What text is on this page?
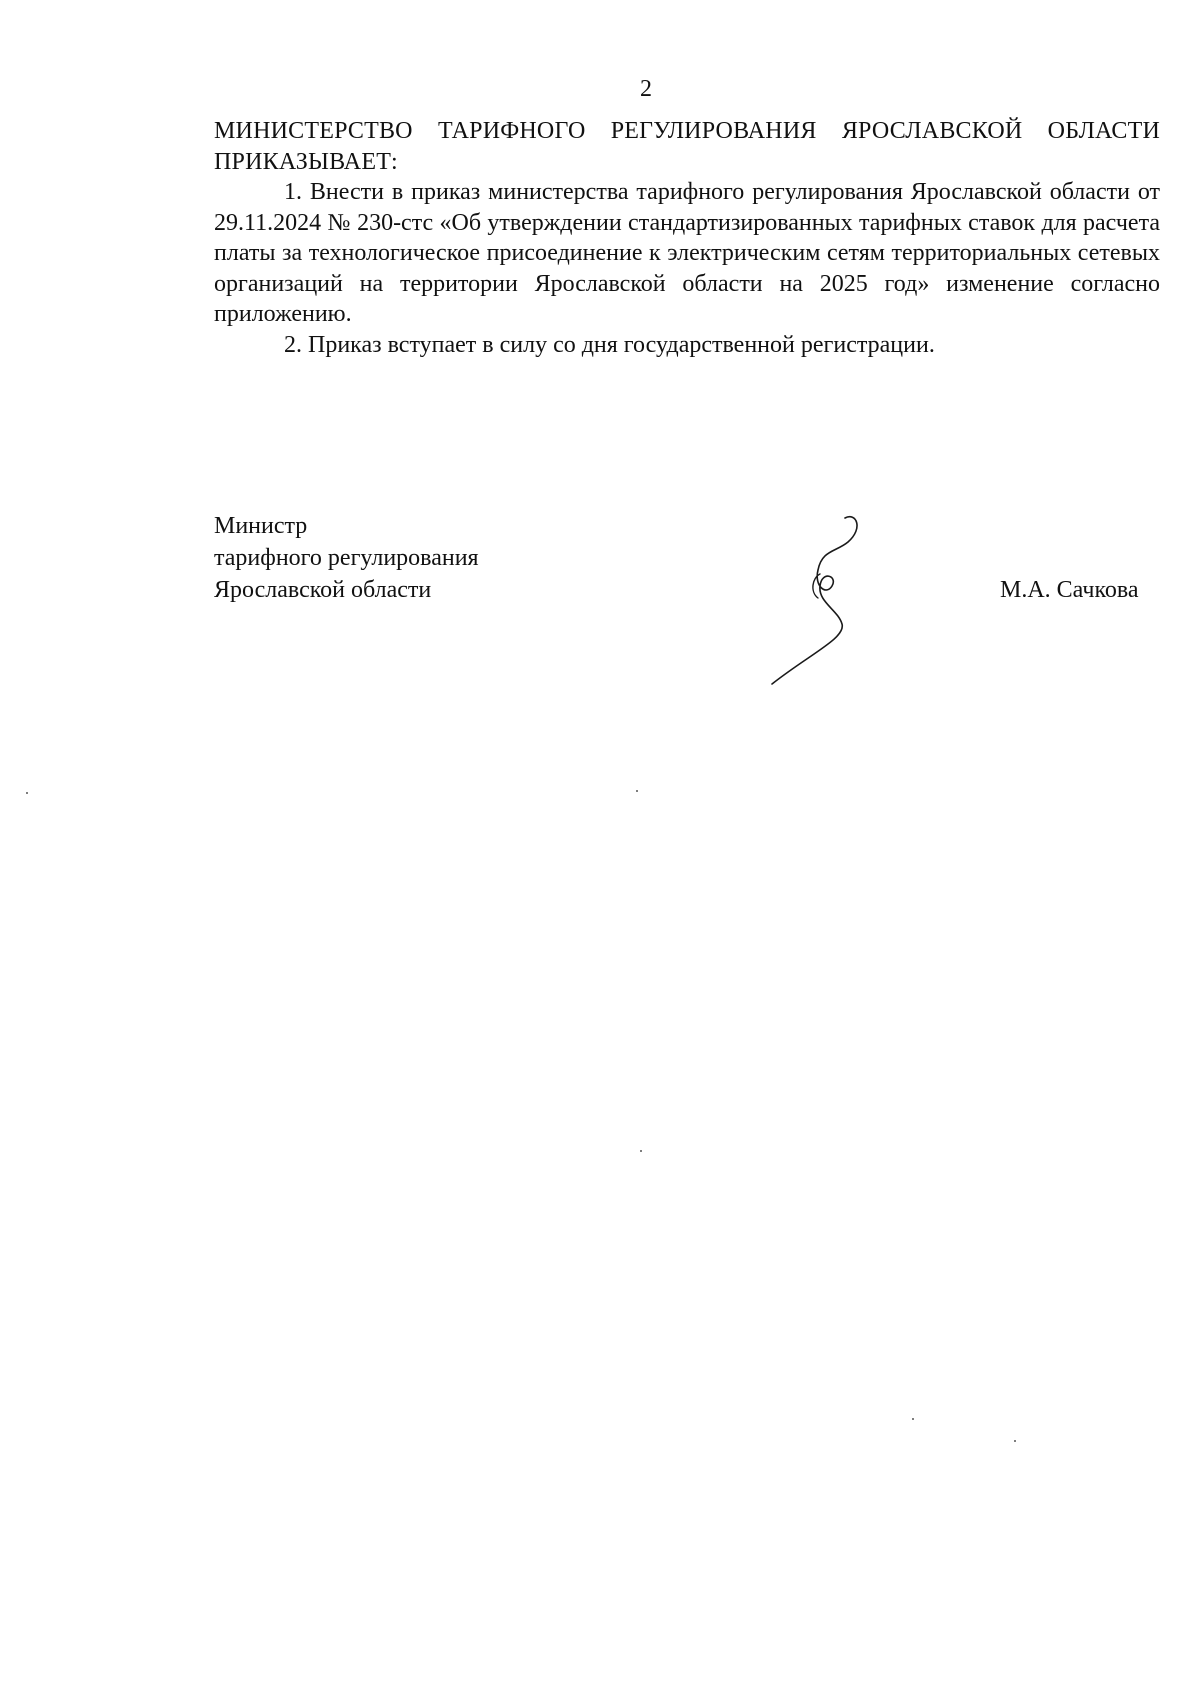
2

МИНИСТЕРСТВО ТАРИФНОГО РЕГУЛИРОВАНИЯ ЯРОСЛАВСКОЙ ОБЛАСТИ ПРИКАЗЫВАЕТ:

1. Внести в приказ министерства тарифного регулирования Ярославской области от 29.11.2024 № 230-стс «Об утверждении стандартизированных тарифных ставок для расчета платы за технологическое присоединение к электрическим сетям территориальных сетевых организаций на территории Ярославской области на 2025 год» изменение согласно приложению.

2. Приказ вступает в силу со дня государственной регистрации.

Министр
тарифного регулирования
Ярославской области	М.А. Сачкова
